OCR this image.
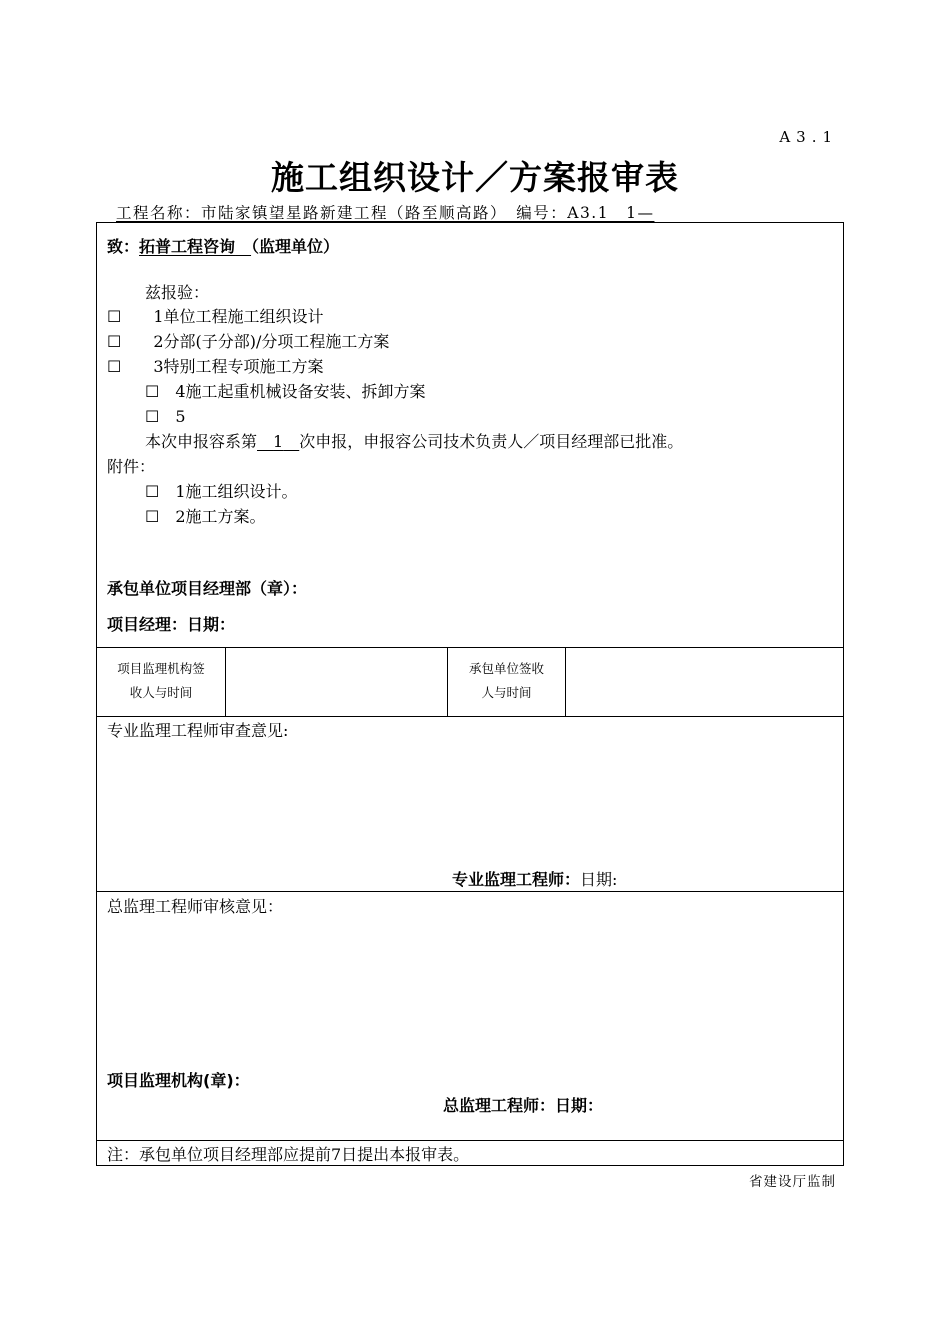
A3.1
施工组织设计／方案报审表
工程名称：市陆家镇望星路新建工程（路至顺高路）　编号：A3.1　1—
致：拓普工程咨询　 （监理单位）
兹报验：
☐　　 1单位工程施工组织设计
☐　　 2分部(子分部)/分项工程施工方案
☐　　 3特别工程专项施工方案
☐　 4施工起重机械设备安装、拆卸方案
☐　 5
本次申报容系第　 1　 次申报，申报容公司技术负责人／项目经理部已批准。
附件：
☐　 1施工组织设计。
☐　 2施工方案。
承包单位项目经理部（章）：
项目经理：日期：
项目监理机构签
收人与时间
承包单位签收
人与时间
专业监理工程师审查意见:
专业监理工程师：日期:
总监理工程师审核意见：
项目监理机构(章)：
总监理工程师：日期：
注：承包单位项目经理部应提前7日提出本报审表。
省建设厅监制
